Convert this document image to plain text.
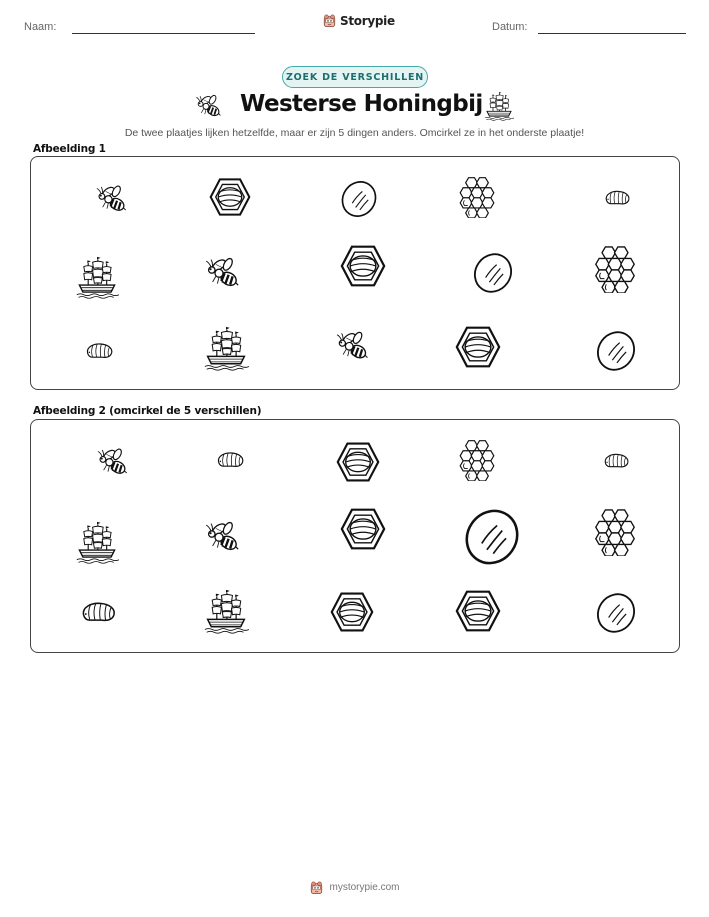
Naam:	Storypie	Datum:
ZOEK DE VERSCHILLEN
Westerse Honingbij
De twee plaatjes lijken hetzelfde, maar er zijn 5 dingen anders. Omcirkel ze in het onderste plaatje!
Afbeelding 1
Afbeelding 2 (omcirkel de 5 verschillen)
mystorypie.com
